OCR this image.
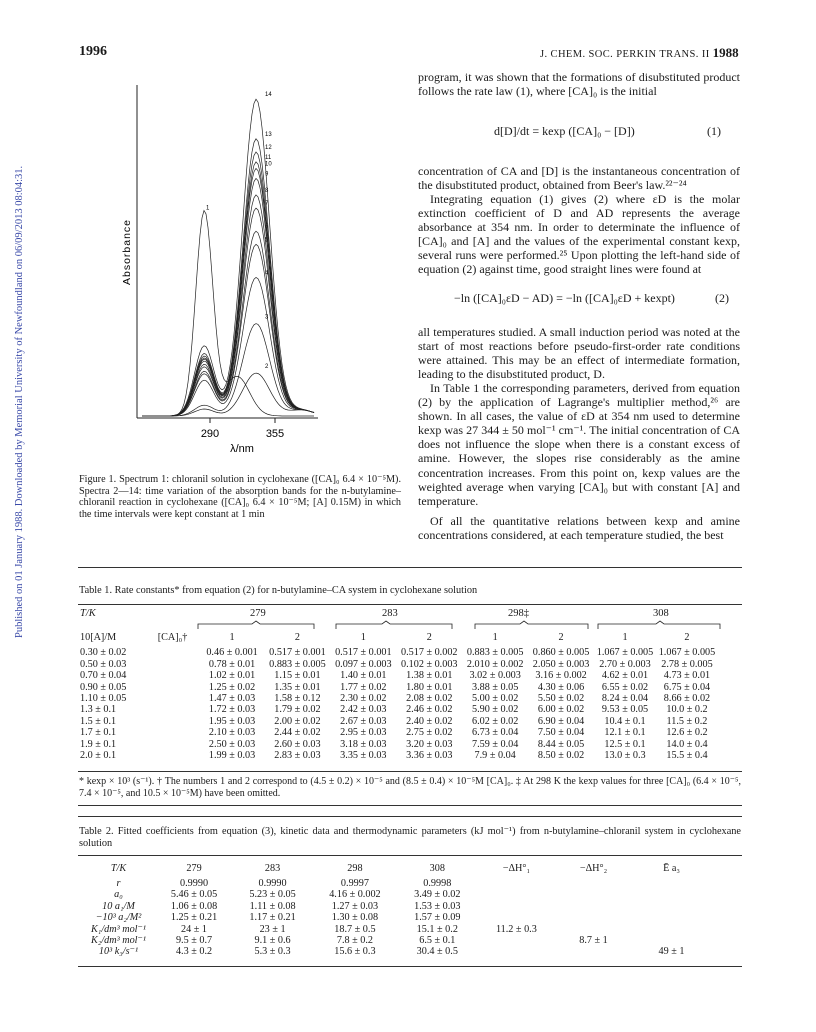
1996	J. CHEM. SOC. PERKIN TRANS. II 1988
Published on 01 January 1988. Downloaded by Memorial University of Newfoundland on 06/09/2013 08:04:31.	1
2
3
4
5
6
7
8
9
10
11
12
13
14
290	355
λ/nm
Absorbance
Figure 1. Spectrum 1: chloranil solution in cyclohexane ([CA]₀ 6.4 × 10⁻⁵M). Spectra 2—14: time variation of the absorption bands for the n-butylamine–chloranil reaction in cyclohexane ([CA]₀ 6.4 × 10⁻⁵M; [A] 0.15M) in which the time intervals were kept constant at 1 min
program, it was shown that the formations of disubstituted product follows the rate law (1), where [CA]₀ is the initial
d[D]/dt = kexp ([CA]₀ − [D])	(1)
concentration of CA and [D] is the instantaneous concentration of the disubstituted product, obtained from Beer's law.²²⁻²⁴
Integrating equation (1) gives (2) where εD is the molar extinction coefficient of D and AD represents the average absorbance at 354 nm. In order to determinate the influence of [CA]₀ and [A] and the values of the experimental constant kexp, several runs were performed.²⁵ Upon plotting the left-hand side of equation (2) against time, good straight lines were found at
−ln ([CA]₀εD − AD) = −ln ([CA]₀εD + kexpt)	(2)
all temperatures studied. A small induction period was noted at the start of most reactions before pseudo-first-order rate conditions were attained. This may be an effect of intermediate formation, leading to the disubstituted product, D.
In Table 1 the corresponding parameters, derived from equation (2) by the application of Lagrange's multiplier method,²⁶ are shown. In all cases, the value of εD at 354 nm used to determine kexp was 27 344 ± 50 mol⁻¹ cm⁻¹. The initial concentration of CA does not influence the slope when there is a constant excess of amine. However, the slopes rise considerably as the amine concentration increases. From this point on, kexp values are the weighted average when varying [CA]₀ but with constant [A] and temperature.
Of all the quantitative relations between kexp and amine concentrations considered, at each temperature studied, the best
Table 1. Rate constants* from equation (2) for n-butylamine–CA system in cyclohexane solution
T/K	279	283	298‡	308
10[A]/M	[CA]₀†	1	2	1	2	1	2	1	2

0.30 ± 0.02		0.46 ± 0.001	0.517 ± 0.001	0.517 ± 0.001	0.517 ± 0.002	0.883 ± 0.005	0.860 ± 0.005	1.067 ± 0.005	1.067 ± 0.005
0.50 ± 0.03		0.78 ± 0.01	0.883 ± 0.005	0.097 ± 0.003	0.102 ± 0.003	2.010 ± 0.002	2.050 ± 0.003	2.70 ± 0.003	2.78 ± 0.005
0.70 ± 0.04		1.02 ± 0.01	1.15 ± 0.01	1.40 ± 0.01	1.38 ± 0.01	3.02 ± 0.003	3.16 ± 0.002	4.62 ± 0.01	4.73 ± 0.01
0.90 ± 0.05		1.25 ± 0.02	1.35 ± 0.01	1.77 ± 0.02	1.80 ± 0.01	3.88 ± 0.05	4.30 ± 0.06	6.55 ± 0.02	6.75 ± 0.04
1.10 ± 0.05		1.47 ± 0.03	1.58 ± 0.12	2.30 ± 0.02	2.08 ± 0.02	5.00 ± 0.02	5.50 ± 0.02	8.24 ± 0.04	8.66 ± 0.02
1.3 ± 0.1		1.72 ± 0.03	1.79 ± 0.02	2.42 ± 0.03	2.46 ± 0.02	5.90 ± 0.02	6.00 ± 0.02	9.53 ± 0.05	10.0 ± 0.2
1.5 ± 0.1		1.95 ± 0.03	2.00 ± 0.02	2.67 ± 0.03	2.40 ± 0.02	6.02 ± 0.02	6.90 ± 0.04	10.4 ± 0.1	11.5 ± 0.2
1.7 ± 0.1		2.10 ± 0.03	2.44 ± 0.02	2.95 ± 0.03	2.75 ± 0.02	6.73 ± 0.04	7.50 ± 0.04	12.1 ± 0.1	12.6 ± 0.2
1.9 ± 0.1		2.50 ± 0.03	2.60 ± 0.03	3.18 ± 0.03	3.20 ± 0.03	7.59 ± 0.04	8.44 ± 0.05	12.5 ± 0.1	14.0 ± 0.4
2.0 ± 0.1		1.99 ± 0.03	2.83 ± 0.03	3.35 ± 0.03	3.36 ± 0.03	7.9 ± 0.04	8.50 ± 0.02	13.0 ± 0.3	15.5 ± 0.4
* kexp × 10³ (s⁻¹). † The numbers 1 and 2 correspond to (4.5 ± 0.2) × 10⁻⁵ and (8.5 ± 0.4) × 10⁻⁵M [CA]₀. ‡ At 298 K the kexp values for three [CA]₀ (6.4 × 10⁻⁵, 7.4 × 10⁻⁵, and 10.5 × 10⁻⁵M) have been omitted.
Table 2. Fitted coefficients from equation (3), kinetic data and thermodynamic parameters (kJ mol⁻¹) from n-butylamine–chloranil system in cyclohexane solution
T/K	279	283	298	308	−ΔH°₁	−ΔH°₂	Ē a₃
r	0.9990	0.9990	0.9997	0.9998			
a₀	5.46 ± 0.05	5.23 ± 0.05	4.16 ± 0.002	3.49 ± 0.02			
10 a₁/M	1.06 ± 0.08	1.11 ± 0.08	1.27 ± 0.03	1.53 ± 0.03			
−10³ a₂/M²	1.25 ± 0.21	1.17 ± 0.21	1.30 ± 0.08	1.57 ± 0.09			
K₁/dm³ mol⁻¹	24 ± 1	23 ± 1	18.7 ± 0.5	15.1 ± 0.2	11.2 ± 0.3		
K₂/dm³ mol⁻¹	9.5 ± 0.7	9.1 ± 0.6	7.8 ± 0.2	6.5 ± 0.1		8.7 ± 1	
10³ k₃/s⁻¹	4.3 ± 0.2	5.3 ± 0.3	15.6 ± 0.3	30.4 ± 0.5			49 ± 1
